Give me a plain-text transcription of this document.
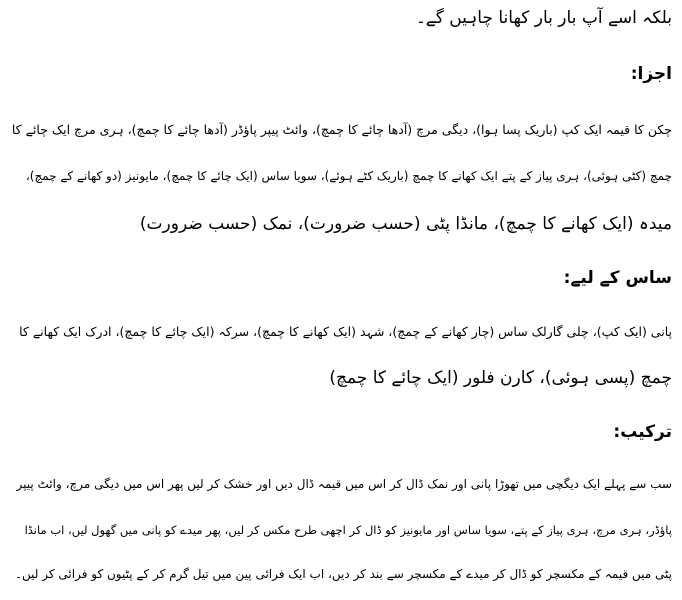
بلکہ اسے آپ بار بار کھانا چاہیں گے۔
اجزا:
چکن کا قیمہ ایک کپ (باریک پسا ہوا)، دیگی مرچ (آدھا چائے کا چمچ)، وائٹ پیپر پاؤڈر (آدھا چائے کا چمچ)، ہری مرچ ایک چائے کا
چمچ (کٹی ہوئی)، ہری پیاز کے پتے ایک کھانے کا چمچ (باریک کٹے ہوئے)، سویا ساس (ایک چائے کا چمچ)، مایونیز (دو کھانے کے چمچ)،
میدہ (ایک کھانے کا چمچ)، مانڈا پٹی (حسب ضرورت)، نمک (حسب ضرورت)
ساس کے لیے:
پانی (ایک کپ)، چلی گارلک ساس (چار کھانے کے چمچ)، شہد (ایک کھانے کا چمچ)، سرکہ (ایک چائے کا چمچ)، ادرک ایک کھانے کا
چمچ (پسی ہوئی)، کارن فلور (ایک چائے کا چمچ)
ترکیب:
سب سے پہلے ایک دیگچی میں تھوڑا پانی اور نمک ڈال کر اس میں قیمہ ڈال دیں اور خشک کر لیں پھر اس میں دیگی مرچ، وائٹ پیپر
پاؤڈر، ہری مرچ، ہری پیاز کے پتے، سویا ساس اور مایونیز کو ڈال کر اچھی طرح مکس کر لیں، پھر میدے کو پانی میں گھول لیں، اب مانڈا
پٹی میں قیمہ کے مکسچر کو ڈال کر میدے کے مکسچر سے بند کر دیں، اب ایک فرائی پین میں تیل گرم کر کے پٹیوں کو فرائی کر لیں۔
